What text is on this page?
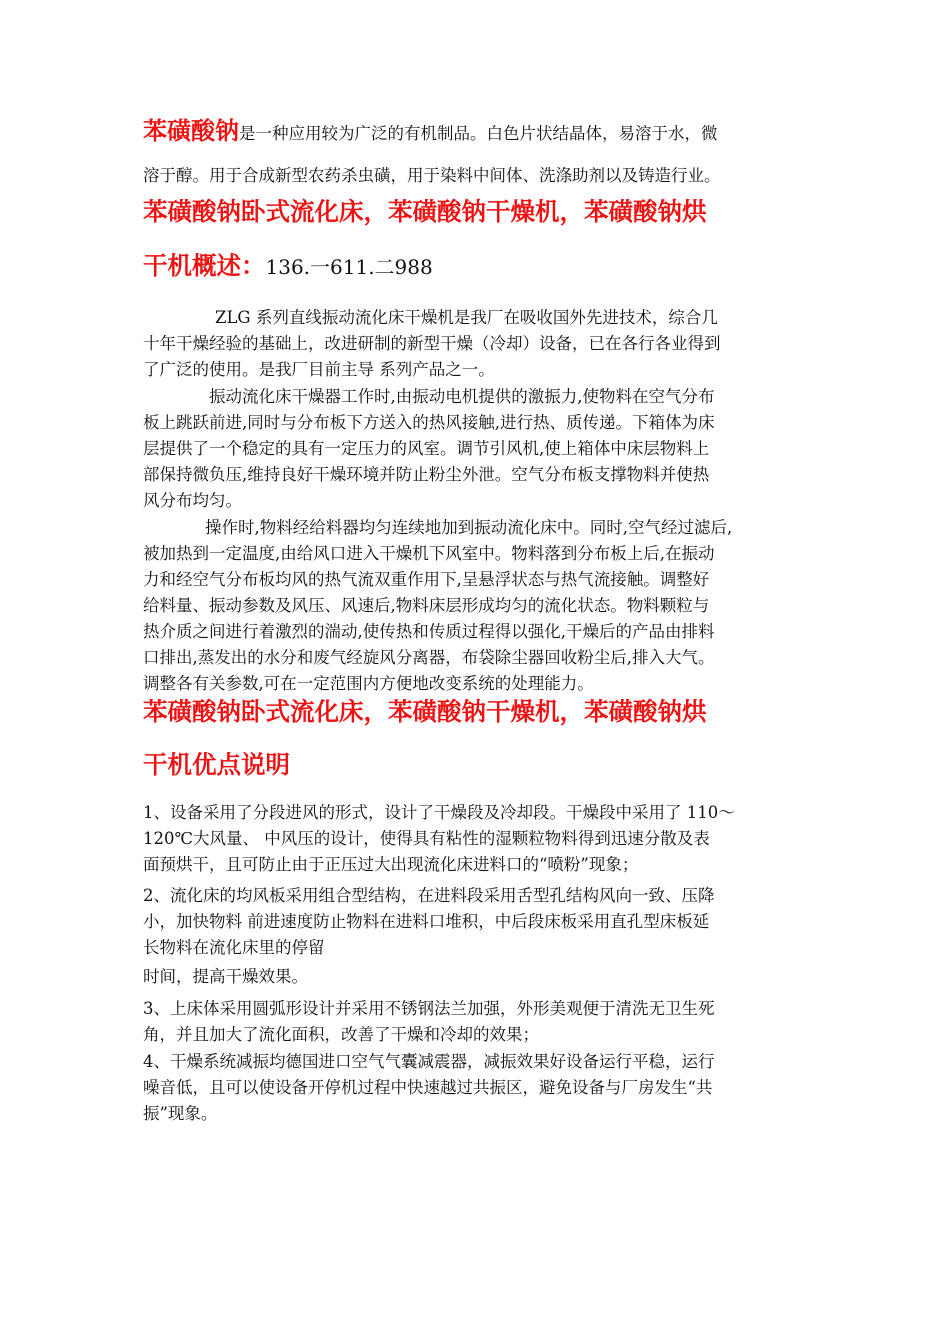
苯磺酸钠是一种应用较为广泛的有机制品。白色片状结晶体，易溶于水，微
溶于醇。用于合成新型农药杀虫磺，用于染料中间体、洗涤助剂以及铸造行业。

苯磺酸钠卧式流化床，苯磺酸钠干燥机，苯磺酸钠烘

干机概述：136.一611.二988

ZLG 系列直线振动流化床干燥机是我厂在吸收国外先进技术，综合几

十年干燥经验的基础上，改进研制的新型干燥（冷却）设备，已在各行各业得到

了广泛的使用。是我厂目前主导 系列产品之一。

振动流化床干燥器工作时,由振动电机提供的激振力,使物料在空气分布

板上跳跃前进,同时与分布板下方送入的热风接触,进行热、质传递。下箱体为床

层提供了一个稳定的具有一定压力的风室。调节引风机,使上箱体中床层物料上

部保持微负压,维持良好干燥环境并防止粉尘外泄。空气分布板支撑物料并使热

风分布均匀。

操作时,物料经给料器均匀连续地加到振动流化床中。同时,空气经过滤后,

被加热到一定温度,由给风口进入干燥机下风室中。物料落到分布板上后,在振动

力和经空气分布板均风的热气流双重作用下,呈悬浮状态与热气流接触。调整好

给料量、振动参数及风压、风速后,物料床层形成均匀的流化状态。物料颗粒与

热介质之间进行着激烈的湍动,使传热和传质过程得以强化,干燥后的产品由排料

口排出,蒸发出的水分和废气经旋风分离器，布袋除尘器回收粉尘后,排入大气。

调整各有关参数,可在一定范围内方便地改变系统的处理能力。

苯磺酸钠卧式流化床，苯磺酸钠干燥机，苯磺酸钠烘

干机优点说明

1、设备采用了分段进风的形式，设计了干燥段及冷却段。干燥段中采用了 110～

120℃大风量、 中风压的设计，使得具有粘性的湿颗粒物料得到迅速分散及表

面预烘干，且可防止由于正压过大出现流化床进料口的“喷粉”现象；

2、流化床的均风板采用组合型结构，在进料段采用舌型孔结构风向一致、压降

小，加快物料 前进速度防止物料在进料口堆积，中后段床板采用直孔型床板延

长物料在流化床里的停留

时间，提高干燥效果。

3、上床体采用圆弧形设计并采用不锈钢法兰加强，外形美观便于清洗无卫生死

角，并且加大了流化面积，改善了干燥和冷却的效果；

4、干燥系统减振均德国进口空气气囊减震器，减振效果好设备运行平稳，运行

噪音低，且可以使设备开停机过程中快速越过共振区，避免设备与厂房发生“共

振”现象。
